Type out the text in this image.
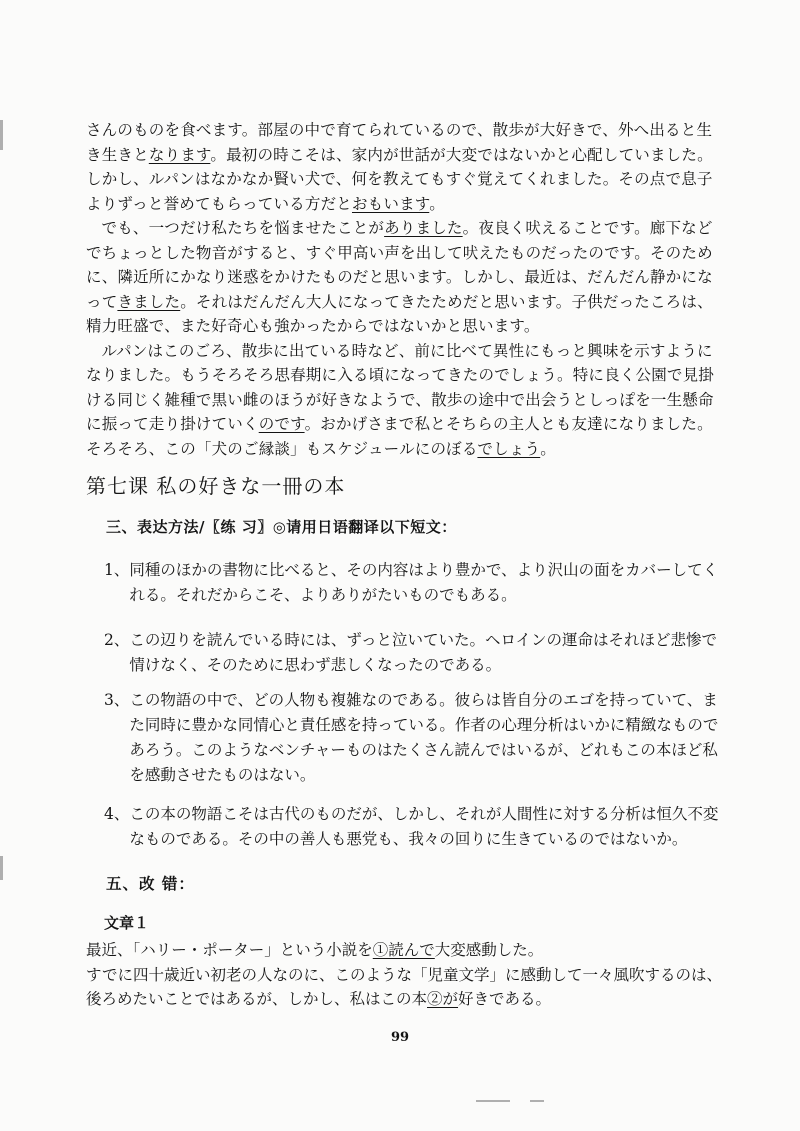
さんのものを食べます。部屋の中で育てられているので、散歩が大好きで、外へ出ると生き生きとなります。最初の時こそは、家内が世話が大変ではないかと心配していました。しかし、ルパンはなかなか賢い犬で、何を教えてもすぐ覚えてくれました。その点で息子よりずっと誉めてもらっている方だとおもいます。

でも、一つだけ私たちを悩ませたことがありました。夜良く吠えることです。廊下などでちょっとした物音がすると、すぐ甲高い声を出して吠えたものだったのです。そのために、隣近所にかなり迷惑をかけたものだと思います。しかし、最近は、だんだん静かになってきました。それはだんだん大人になってきたためだと思います。子供だったころは、精力旺盛で、また好奇心も強かったからではないかと思います。

ルパンはこのごろ、散歩に出ている時など、前に比べて異性にもっと興味を示すようになりました。もうそろそろ思春期に入る頃になってきたのでしょう。特に良く公園で見掛ける同じく雑種で黒い雌のほうが好きなようで、散歩の途中で出会うとしっぽを一生懸命に振って走り掛けていくのです。おかげさまで私とそちらの主人とも友達になりました。そろそろ、この「犬のご縁談」もスケジュールにのぼるでしょう。

第七课 私の好きな一冊の本
三、表达方法/〖练 习〗◎请用日语翻译以下短文：
1、 同種のほかの書物に比べると、その内容はより豊かで、より沢山の面をカバーしてくれる。それだからこそ、よりありがたいものでもある。
2、 この辺りを読んでいる時には、ずっと泣いていた。ヘロインの運命はそれほど悲惨で情けなく、そのために思わず悲しくなったのである。
3、 この物語の中で、どの人物も複雑なのである。彼らは皆自分のエゴを持っていて、また同時に豊かな同情心と責任感を持っている。作者の心理分析はいかに精緻なものであろう。このようなベンチャーものはたくさん読んではいるが、どれもこの本ほど私を感動させたものはない。
4、 この本の物語こそは古代のものだが、しかし、それが人間性に対する分析は恒久不変なものである。その中の善人も悪党も、我々の回りに生きているのではないか。
五、改 错：
文章１

最近、「ハリー・ポーター」という小説を①読んで大変感動した。

すでに四十歳近い初老の人なのに、このような「児童文学」に感動して一々風吹するのは、後ろめたいことではあるが、しかし、私はこの本②が好きである。

99
